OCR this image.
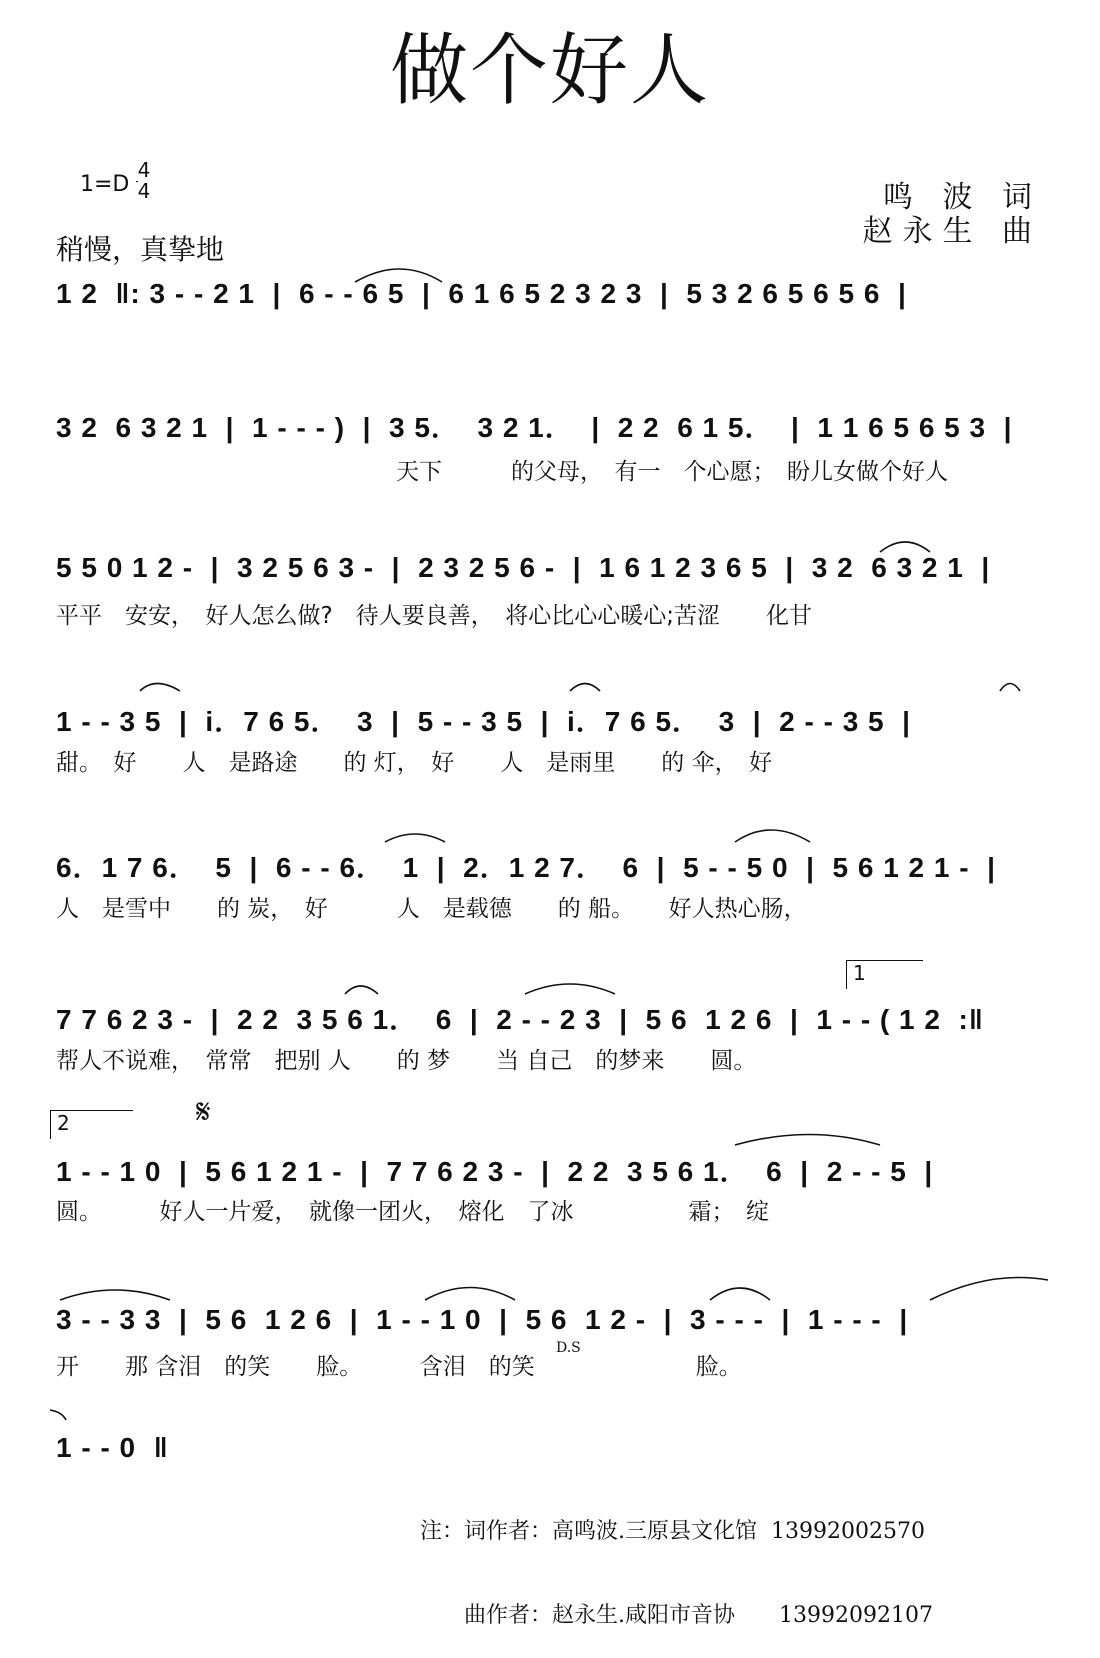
做个好人
1=D
4
4
稍慢，真挚地
鸣 波 词
赵永生 曲
1 2  ‖: 3 - - 2 1  |  6 - - 6 5  |  6 1 6 5 2 3 2 3  |  5 3 2 6 5 6 5 6  |
3 2  6 3 2 1  |  1 - - - )  |  3 5．  3 2 1．  |  2 2  6 1 5．  |  1 1 6 5 6 5 3  |
天下　　　的父母，　有一　个心愿；　盼儿女做个好人
5 5 0 1 2 -  |  3 2 5 6 3 -  |  2 3 2 5 6 -  |  1 6 1 2 3 6 5  |  3 2  6 3 2 1  |
平平　安安，　好人怎么做?　待人要良善，　将心比心心暖心;苦涩　　化甘
1 - - 3 5  |  i．7 6 5．  3  |  5 - - 3 5  |  i．7 6 5．  3  |  2 - - 3 5  |
甜。　好　　人　是路途　　的 灯，　好　　人　是雨里　　的 伞，　好
6．1 7 6．  5  |  6 - - 6．  1  |  2．1 2 7．  6  |  5 - - 5 0  |  5 6 1 2 1 -  |
人　是雪中　　的 炭，　好　　　人　是载德　　的 船。　　好人热心肠，
1
7 7 6 2 3 -  |  2 2  3 5 6 1．  6  |  2 - - 2 3  |  5 6  1 2 6  |  1 - - ( 1 2  :‖
帮人不说难，　常常　把别 人　　的 梦　　当 自己　的梦来　　圆。
2	𝄋
1 - - 1 0  |  5 6 1 2 1 -  |  7 7 6 2 3 -  |  2 2  3 5 6 1．  6  |  2 - - 5  |
圆。　　　好人一片爱，　就像一团火，　熔化　了冰　　　　　霜；　绽
3 - - 3 3  |  5 6  1 2 6  |  1 - - 1 0  |  5 6  1 2 -  |  3 - - -  |  1 - - -  |
开　　那 含泪　的笑　　脸。　　　含泪　的笑　　　　　　　脸。
D.S
1 - - 0  ‖

注：词作者：高鸣波.三原县文化馆  13992002570

　　曲作者：赵永生.咸阳市音协　　13992092107
